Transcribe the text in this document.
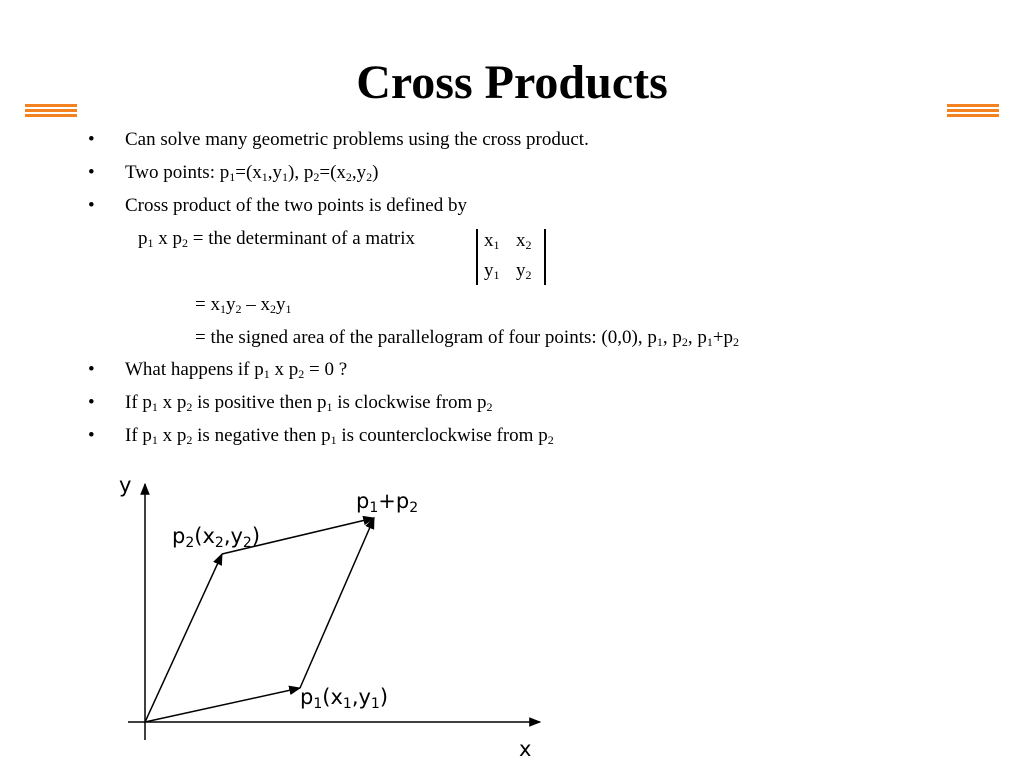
Cross Products
• Can solve many geometric problems using the cross product.
• Two points: $p_1=(x_1,y_1)$, $p_2=(x_2,y_2)$
• Cross product of the two points is defined by
$p_1$ x $p_2$ = the determinant of a matrix	$x_1$ $x_2$
$y_1$ $y_2$
= $x_1y_2 - x_2y_1$
= the signed area of the parallelogram of four points: (0,0), $p_1$, $p_2$, $p_1+p_2$
• What happens if $p_1$ x $p_2 = 0$ ?
• If $p_1$ x $p_2$ is positive then $p_1$ is clockwise from $p_2$
• If $p_1$ x $p_2$ is negative then $p_1$ is counterclockwise from $p_2$
y
x
$p_1+p_2$
$p_2(x_2,y_2)$
$p_1(x_1,y_1)$
